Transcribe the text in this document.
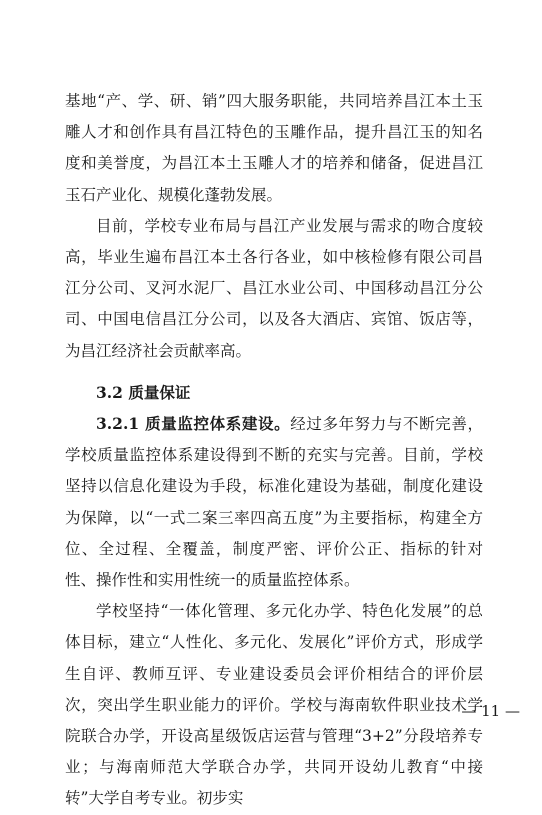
基地“产、学、研、销”四大服务职能，共同培养昌江本土玉雕人才和创作具有昌江特色的玉雕作品，提升昌江玉的知名度和美誉度，为昌江本土玉雕人才的培养和储备，促进昌江玉石产业化、规模化蓬勃发展。

目前，学校专业布局与昌江产业发展与需求的吻合度较高，毕业生遍布昌江本土各行各业，如中核检修有限公司昌江分公司、叉河水泥厂、昌江水业公司、中国移动昌江分公司、中国电信昌江分公司，以及各大酒店、宾馆、饭店等，为昌江经济社会贡献率高。

3.2 质量保证

3.2.1 质量监控体系建设。经过多年努力与不断完善，学校质量监控体系建设得到不断的充实与完善。目前，学校坚持以信息化建设为手段，标准化建设为基础，制度化建设为保障，以“一式二案三率四高五度”为主要指标，构建全方位、全过程、全覆盖，制度严密、评价公正、指标的针对性、操作性和实用性统一的质量监控体系。

学校坚持“一体化管理、多元化办学、特色化发展”的总体目标，建立“人性化、多元化、发展化”评价方式，形成学生自评、教师互评、专业建设委员会评价相结合的评价层次，突出学生职业能力的评价。学校与海南软件职业技术学院联合办学，开设高星级饭店运营与管理“3+2”分段培养专业；与海南师范大学联合办学，共同开设幼儿教育“中接转”大学自考专业。初步实

— 11 —
